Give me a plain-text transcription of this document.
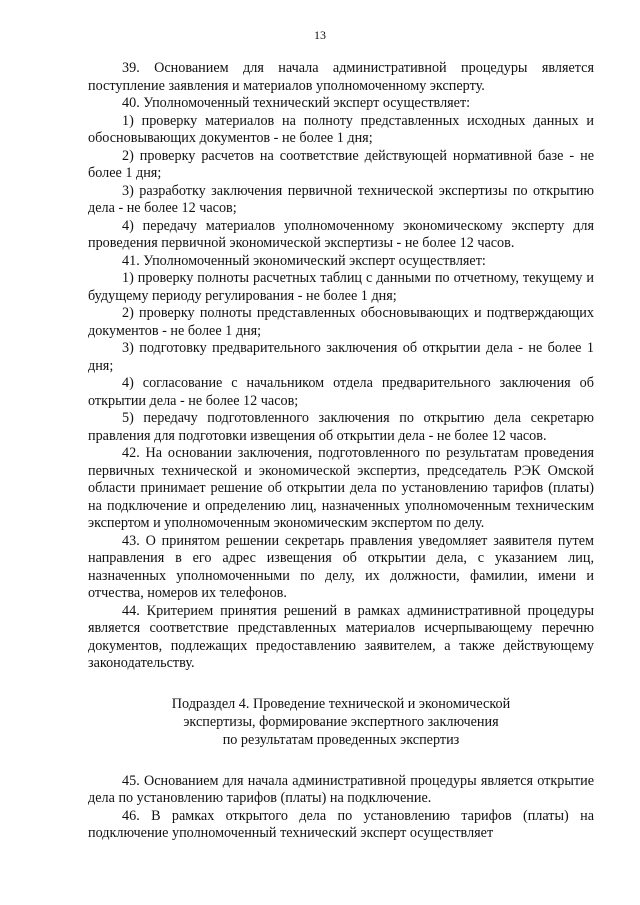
13

39. Основанием для начала административной процедуры является поступление заявления и материалов уполномоченному эксперту.

40. Уполномоченный технический эксперт осуществляет:

1) проверку материалов на полноту представленных исходных данных и обосновывающих документов - не более 1 дня;

2) проверку расчетов на соответствие действующей нормативной базе - не более 1 дня;

3) разработку заключения первичной технической экспертизы по открытию дела - не более 12 часов;

4) передачу материалов уполномоченному экономическому эксперту для проведения первичной экономической экспертизы - не более 12 часов.

41. Уполномоченный экономический эксперт осуществляет:

1) проверку полноты расчетных таблиц с данными по отчетному, текущему и будущему периоду регулирования - не более 1 дня;

2) проверку полноты представленных обосновывающих и подтверждающих документов - не более 1 дня;

3) подготовку предварительного заключения об открытии дела - не более 1 дня;

4) согласование с начальником отдела предварительного заключения об открытии дела - не более 12 часов;

5) передачу подготовленного заключения по открытию дела секретарю правления для подготовки извещения об открытии дела - не более 12 часов.

42. На основании заключения, подготовленного по результатам проведения первичных технической и экономической экспертиз, председатель РЭК Омской области принимает решение об открытии дела по установлению тарифов (платы) на подключение и определению лиц, назначенных уполномоченным техническим экспертом и уполномоченным экономическим экспертом по делу.

43. О принятом решении секретарь правления уведомляет заявителя путем направления в его адрес извещения об открытии дела, с указанием лиц, назначенных уполномоченными по делу, их должности, фамилии, имени и отчества, номеров их телефонов.

44. Критерием принятия решений в рамках административной процедуры является соответствие представленных материалов исчерпывающему перечню документов, подлежащих предоставлению заявителем, а также действующему законодательству.

Подраздел 4. Проведение технической и экономической
экспертизы, формирование экспертного заключения
по результатам проведенных экспертиз

45. Основанием для начала административной процедуры является открытие дела по установлению тарифов (платы) на подключение.

46. В рамках открытого дела по установлению тарифов (платы) на подключение уполномоченный технический эксперт осуществляет
